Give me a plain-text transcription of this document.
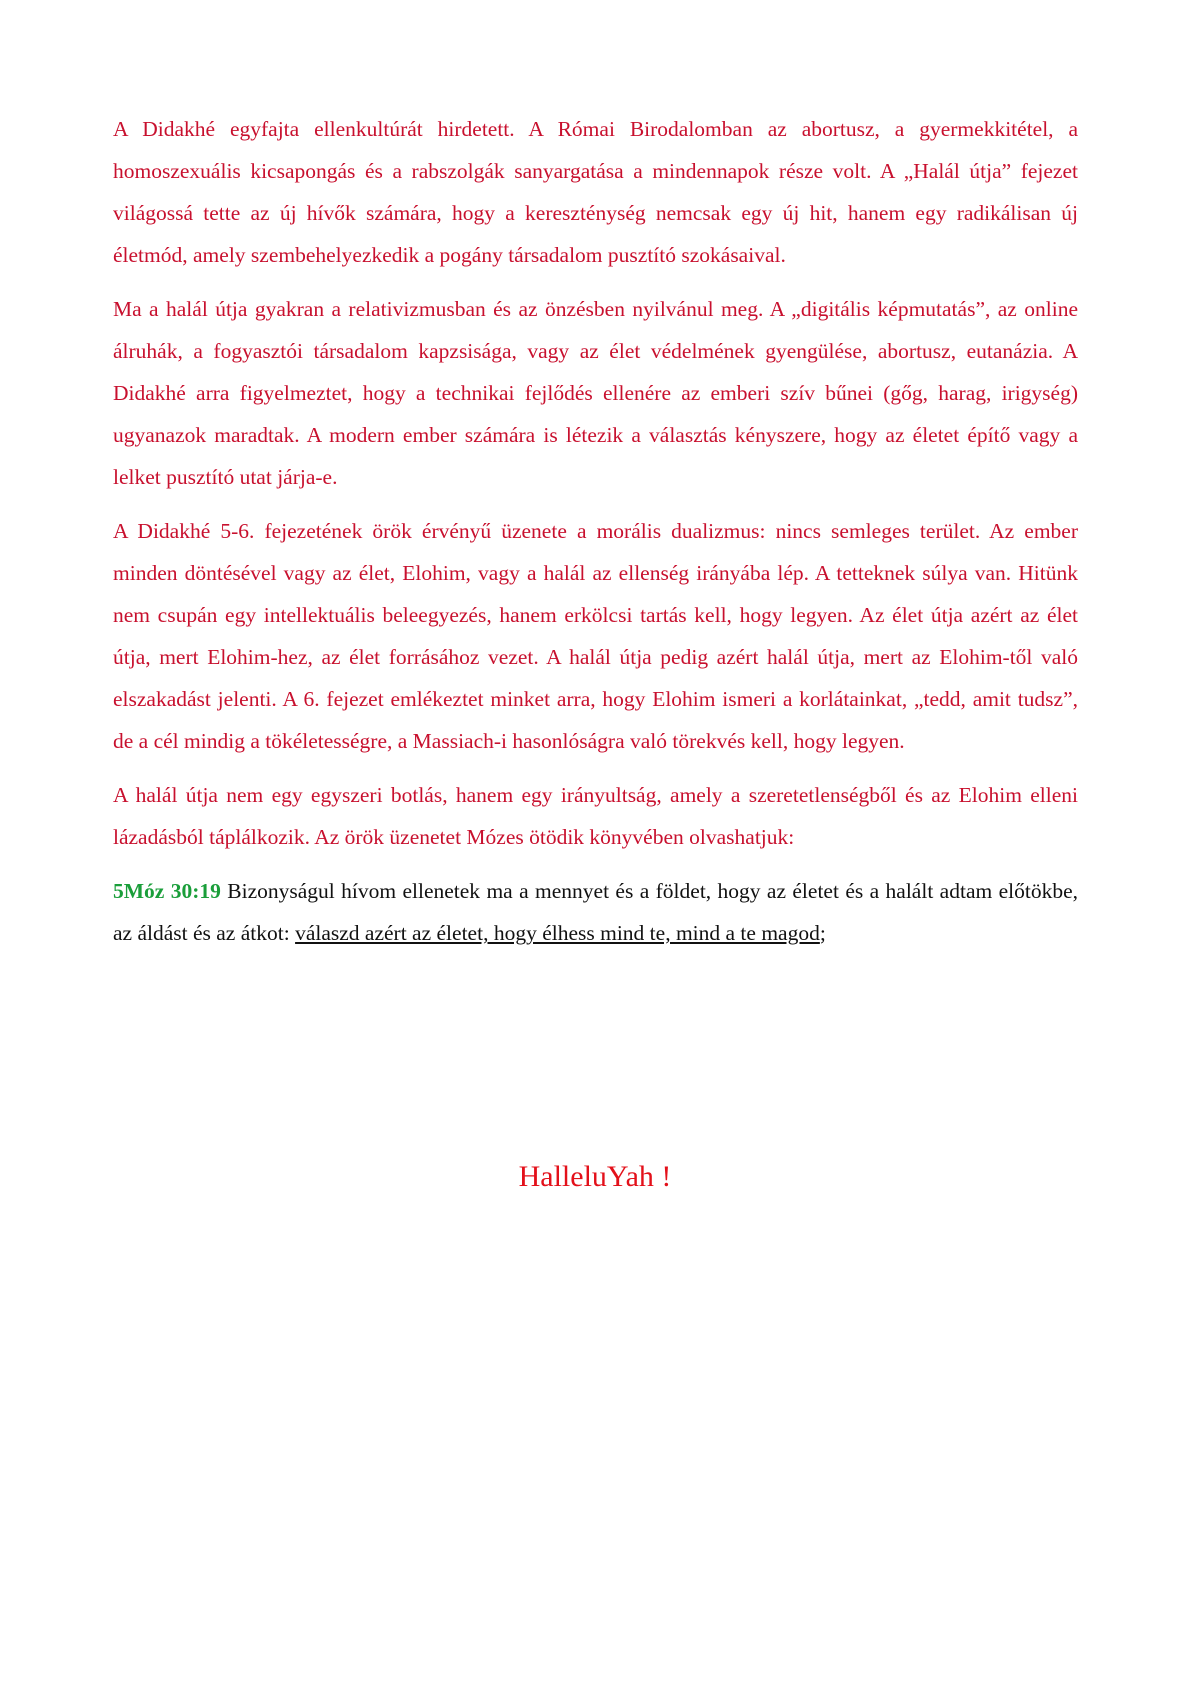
A Didakhé egyfajta ellenkultúrát hirdetett. A Római Birodalomban az abortusz, a gyermekkitétel, a homoszexuális kicsapongás és a rabszolgák sanyargatása a mindennapok része volt. A „Halál útja” fejezet világossá tette az új hívők számára, hogy a kereszténység nemcsak egy új hit, hanem egy radikálisan új életmód, amely szembehelyezkedik a pogány társadalom pusztító szokásaival.

Ma a halál útja gyakran a relativizmusban és az önzésben nyilvánul meg. A „digitális képmutatás”, az online álruhák, a fogyasztói társadalom kapzsisága, vagy az élet védelmének gyengülése, abortusz, eutanázia. A Didakhé arra figyelmeztet, hogy a technikai fejlődés ellenére az emberi szív bűnei (gőg, harag, irigység) ugyanazok maradtak. A modern ember számára is létezik a választás kényszere, hogy az életet építő vagy a lelket pusztító utat járja-e.

A Didakhé 5-6. fejezetének örök érvényű üzenete a morális dualizmus: nincs semleges terület. Az ember minden döntésével vagy az élet, Elohim, vagy a halál az ellenség irányába lép. A tetteknek súlya van. Hitünk nem csupán egy intellektuális beleegyezés, hanem erkölcsi tartás kell, hogy legyen. Az élet útja azért az élet útja, mert Elohim-hez, az élet forrásához vezet. A halál útja pedig azért halál útja, mert az Elohim-től való elszakadást jelenti. A 6. fejezet emlékeztet minket arra, hogy Elohim ismeri a korlátainkat, „tedd, amit tudsz”, de a cél mindig a tökéletességre, a Massiach-i hasonlóságra való törekvés kell, hogy legyen.

A halál útja nem egy egyszeri botlás, hanem egy irányultság, amely a szeretetlenségből és az Elohim elleni lázadásból táplálkozik. Az örök üzenetet Mózes ötödik könyvében olvashatjuk:

5Móz 30:19 Bizonyságul hívom ellenetek ma a mennyet és a földet, hogy az életet és a halált adtam előtökbe, az áldást és az átkot: válaszd azért az életet, hogy élhess mind te, mind a te magod;

HalleluYah !
